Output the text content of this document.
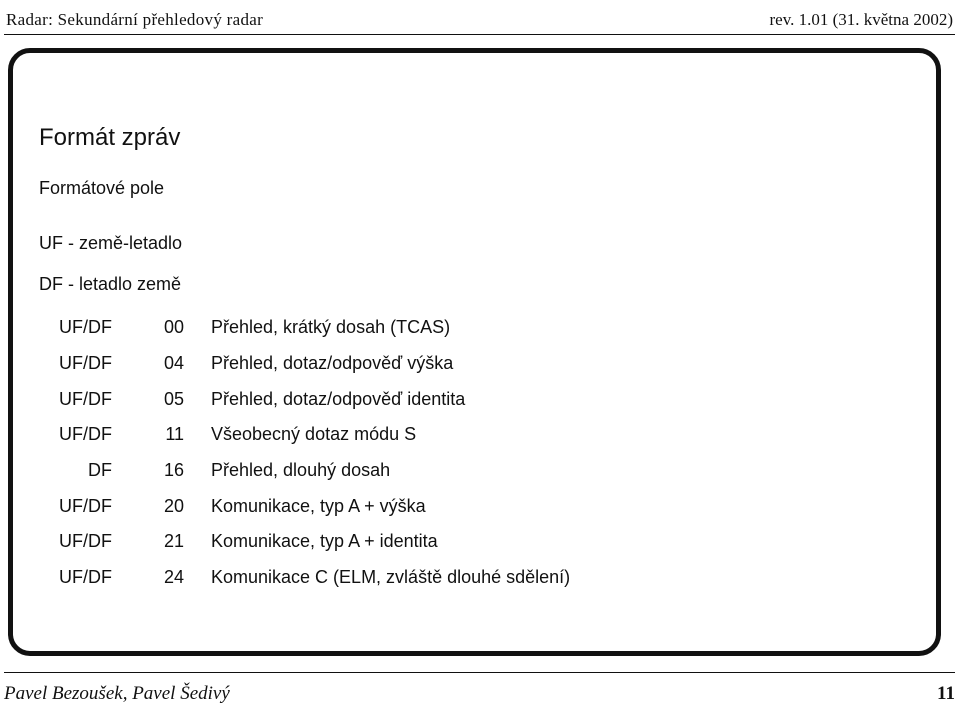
Radar: Sekundární přehledový radar	rev. 1.01 (31. května 2002)
Formát zpráv
Formátové pole

UF - země-letadlo

DF - letadlo země

UF/DF	00	Přehled, krátký dosah (TCAS)
UF/DF	04	Přehled, dotaz/odpověď výška
UF/DF	05	Přehled, dotaz/odpověď identita
UF/DF	11	Všeobecný dotaz módu S
DF	16	Přehled, dlouhý dosah
UF/DF	20	Komunikace, typ A + výška
UF/DF	21	Komunikace, typ A + identita
UF/DF	24	Komunikace C (ELM, zvláště dlouhé sdělení)
Pavel Bezoušek, Pavel Šedivý	11
